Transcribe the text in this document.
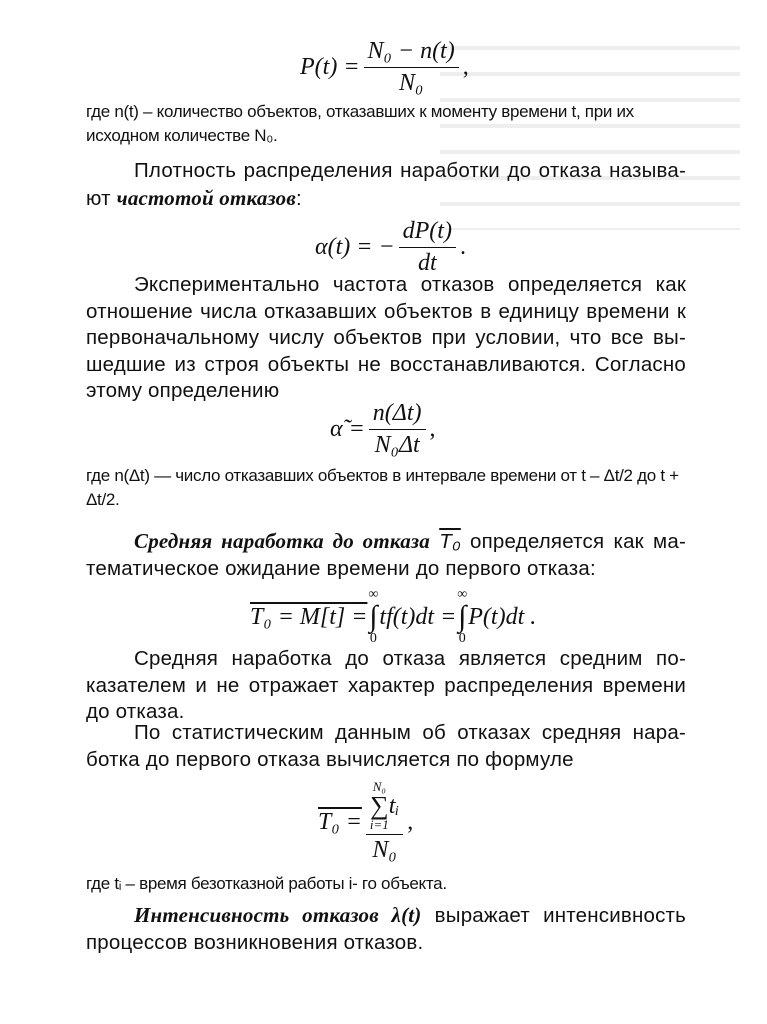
$P(t) = \frac{\text{N₀ − n(t)}}{\text{N₀}}$ ,
где n(t) – количество объектов, отказавших к моменту времени t, при их исходном количестве N₀.
Плотность распределения наработки до отказа называ-ют частотой отказов:
α(t) = − $\frac{dP(t)}{dt}$ .
Экспериментально частота отказов определяется как отношение числа отказавших объектов в единицу времени к первоначальному числу объектов при условии, что все вы-шедшие из строя объекты не восстанавливаются. Согласно этому определению
α̃ = $\frac{n(\Delta t)}{\text{N₀Δt}}$ ,
где n(Δt) — число отказавших объектов в интервале времени от t – Δt/2 до t + Δt/2.
Средняя наработка до отказа T₀ определяется как ма-тематическое ожидание времени до первого отказа:
T₀ = M[t] =
∞
∫
0
tf(t)dt =
∞
∫
0
P(t)dt .
Средняя наработка до отказа является средним по-казателем и не отражает характер распределения времени до отказа.
По статистическим данным об отказах средняя нара-ботка до первого отказа вычисляется по формуле
T₀ = N₀
∑
i=1
tᵢ
N₀ ,
где tᵢ – время безотказной работы i- го объекта.
Интенсивность отказов λ(t) выражает интенсивность процессов возникновения отказов.
